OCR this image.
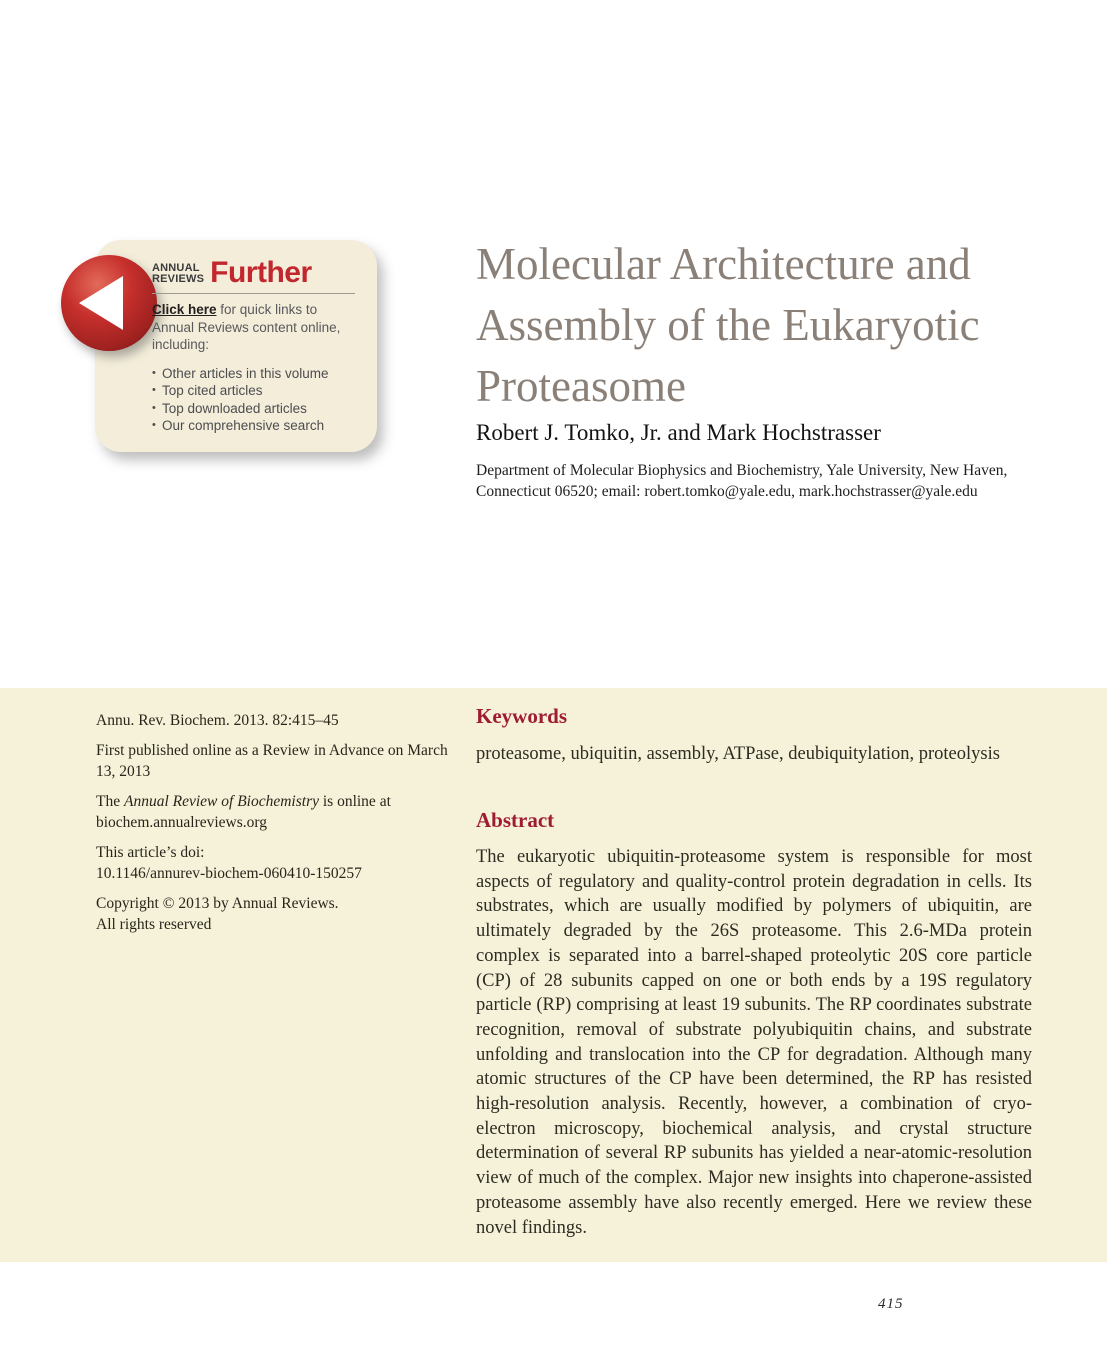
ANNUAL
REVIEWS Further

Click here for quick links to Annual Reviews content online, including:

• Other articles in this volume
• Top cited articles
• Top downloaded articles
• Our comprehensive search
Molecular Architecture and
Assembly of the Eukaryotic
Proteasome
Robert J. Tomko, Jr. and Mark Hochstrasser
Department of Molecular Biophysics and Biochemistry, Yale University, New Haven, Connecticut 06520; email: robert.tomko@yale.edu, mark.hochstrasser@yale.edu
Annu. Rev. Biochem. 2013. 82:415–45
First published online as a Review in Advance on March 13, 2013
The Annual Review of Biochemistry is online at biochem.annualreviews.org
This article’s doi:
10.1146/annurev-biochem-060410-150257
Copyright © 2013 by Annual Reviews.
All rights reserved
Keywords
proteasome, ubiquitin, assembly, ATPase, deubiquitylation, proteolysis
Abstract
The eukaryotic ubiquitin-proteasome system is responsible for most aspects of regulatory and quality-control protein degradation in cells. Its substrates, which are usually modified by polymers of ubiquitin, are ultimately degraded by the 26S proteasome. This 2.6-MDa protein complex is separated into a barrel-shaped proteolytic 20S core particle (CP) of 28 subunits capped on one or both ends by a 19S regulatory particle (RP) comprising at least 19 subunits. The RP coordinates substrate recognition, removal of substrate polyubiquitin chains, and substrate unfolding and translocation into the CP for degradation. Although many atomic structures of the CP have been determined, the RP has resisted high-resolution analysis. Recently, however, a combination of cryo-electron microscopy, biochemical analysis, and crystal structure determination of several RP subunits has yielded a near-atomic-resolution view of much of the complex. Major new insights into chaperone-assisted proteasome assembly have also recently emerged. Here we review these novel findings.
415
